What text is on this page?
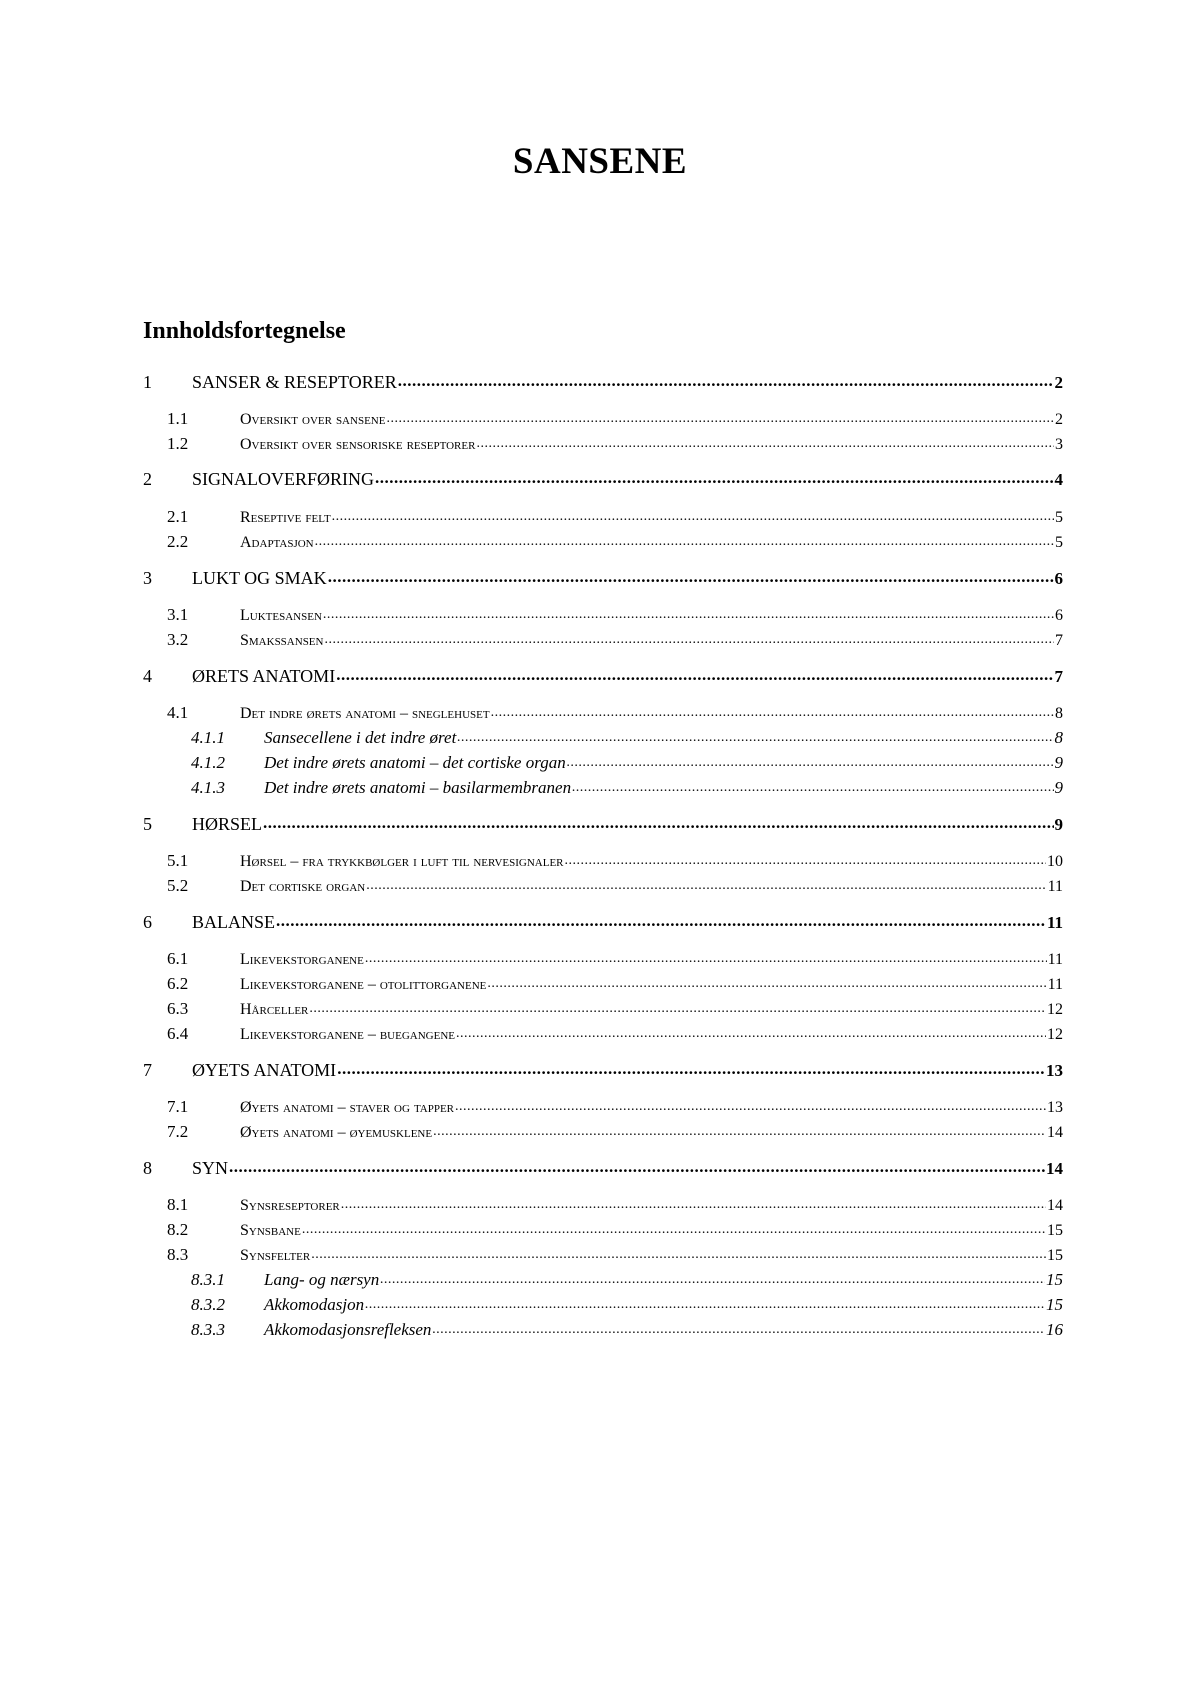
SANSENE
Innholdsfortegnelse
1	SANSER & RESEPTORER .....	2
1.1	Oversikt over sansene .....	2
1.2	Oversikt over sensoriske reseptorer .....	3
2	SIGNALOVERFØRING .....	4
2.1	Reseptive felt .....	5
2.2	Adaptasjon .....	5
3	LUKT OG SMAK .....	6
3.1	Luktesansen .....	6
3.2	Smakssansen .....	7
4	ØRETS ANATOMI .....	7
4.1	Det indre ørets anatomi – sneglehuset .....	8
4.1.1	Sansecellene i det indre øret .....	8
4.1.2	Det indre ørets anatomi – det cortiske organ .....	9
4.1.3	Det indre ørets anatomi – basilarmembranen .....	9
5	HØRSEL .....	9
5.1	Hørsel – fra trykkbølger i luft til nervesignaler .....	10
5.2	Det cortiske organ .....	11
6	BALANSE .....	11
6.1	Likevekstorganene .....	11
6.2	Likevekstorganene – otolittorganene .....	11
6.3	Hårceller .....	12
6.4	Likevekstorganene – buegangene .....	12
7	ØYETS ANATOMI .....	13
7.1	Øyets anatomi – staver og tapper .....	13
7.2	Øyets anatomi – øyemusklene .....	14
8	SYN .....	14
8.1	Synsreseptorer .....	14
8.2	Synsbane .....	15
8.3	Synsfelter .....	15
8.3.1	Lang- og nærsyn .....	15
8.3.2	Akkomodasjon .....	15
8.3.3	Akkomodasjonsrefleksen .....	16
